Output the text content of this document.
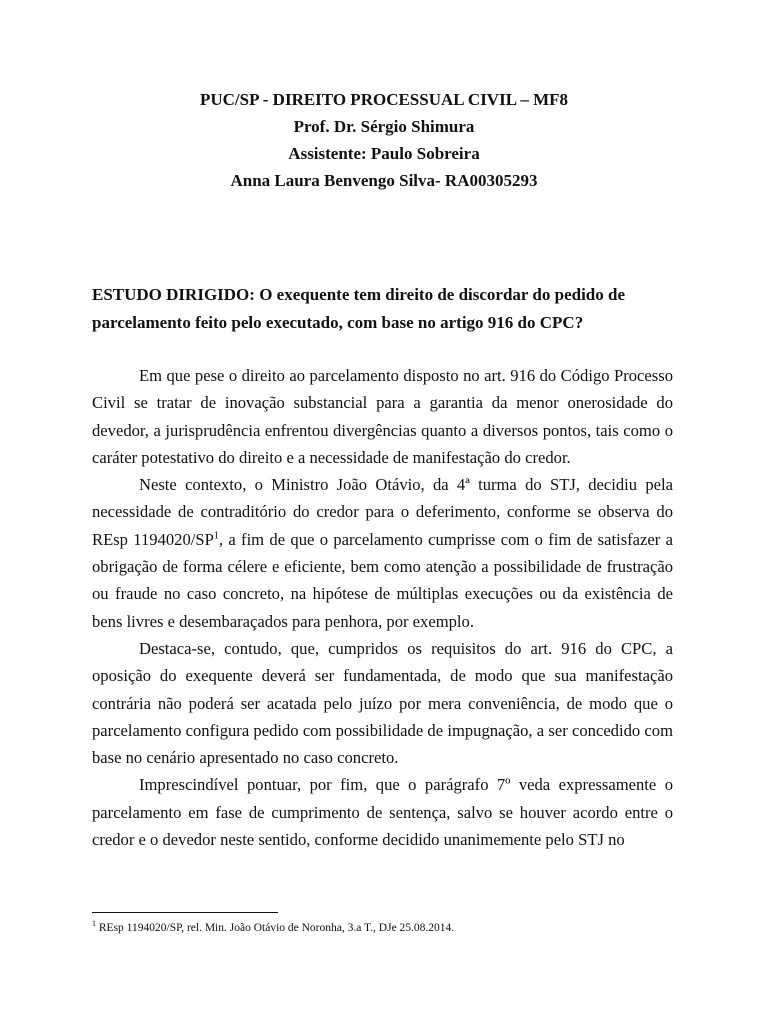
PUC/SP - DIREITO PROCESSUAL CIVIL – MF8
Prof. Dr. Sérgio Shimura
Assistente: Paulo Sobreira
Anna Laura Benvengo Silva- RA00305293
ESTUDO DIRIGIDO: O exequente tem direito de discordar do pedido de parcelamento feito pelo executado, com base no artigo 916 do CPC?

Em que pese o direito ao parcelamento disposto no art. 916 do Código Processo Civil se tratar de inovação substancial para a garantia da menor onerosidade do devedor, a jurisprudência enfrentou divergências quanto a diversos pontos, tais como o caráter potestativo do direito e a necessidade de manifestação do credor.

Neste contexto, o Ministro João Otávio, da 4ª turma do STJ, decidiu pela necessidade de contraditório do credor para o deferimento, conforme se observa do REsp $1194020/SP^1$, a fim de que o parcelamento cumprisse com o fim de satisfazer a obrigação de forma célere e eficiente, bem como atenção a possibilidade de frustração ou fraude no caso concreto, na hipótese de múltiplas execuções ou da existência de bens livres e desembaraçados para penhora, por exemplo.

Destaca-se, contudo, que, cumpridos os requisitos do art. 916 do CPC, a oposição do exequente deverá ser fundamentada, de modo que sua manifestação contrária não poderá ser acatada pelo juízo por mera conveniência, de modo que o parcelamento configura pedido com possibilidade de impugnação, a ser concedido com base no cenário apresentado no caso concreto.

Imprescindível pontuar, por fim, que o parágrafo 7º veda expressamente o parcelamento em fase de cumprimento de sentença, salvo se houver acordo entre o credor e o devedor neste sentido, conforme decidido unanimemente pelo STJ no

$^1$ REsp 1194020/SP, rel. Min. João Otávio de Noronha, 3.a T., DJe 25.08.2014.
